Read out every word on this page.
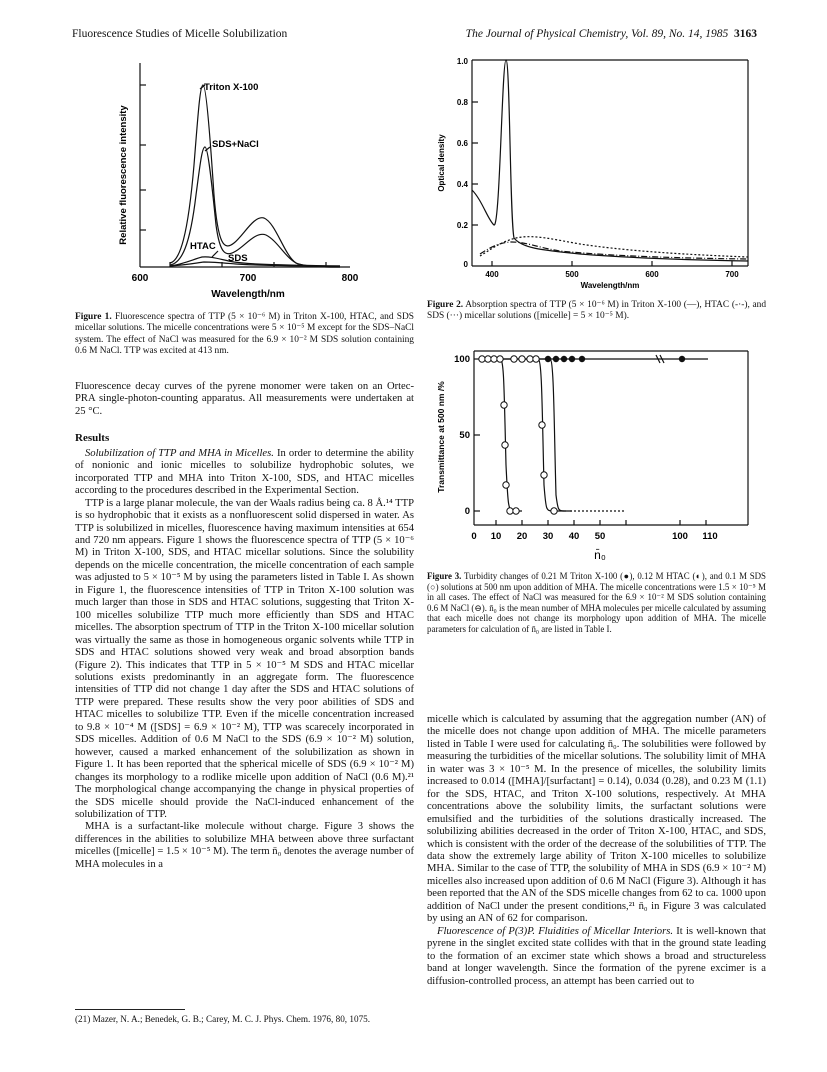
Fluorescence Studies of Micelle Solubilization	The Journal of Physical Chemistry, Vol. 89, No. 14, 1985 3163
Triton X-100
SDS+NaCl
HTAC
SDS
600	700	800
Wavelength/nm
Relative fluorescence intensity
Figure 1. Fluorescence spectra of TTP (5 × 10⁻⁶ M) in Triton X-100, HTAC, and SDS micellar solutions. The micelle concentrations were 5 × 10⁻⁵ M except for the SDS–NaCl system. The effect of NaCl was measured for the 6.9 × 10⁻² M SDS solution containing 0.6 M NaCl. TTP was excited at 413 nm.
0
0.2
0.4
0.6
0.8
1.0
400	500	600	700
Wavelength/nm
Optical density
Figure 2. Absorption spectra of TTP (5 × 10⁻⁶ M) in Triton X-100 (—), HTAC (-·-), and SDS (···) micellar solutions ([micelle] = 5 × 10⁻⁵ M).
100
50
0
0 10 20 30 40 50	100 110
n̄₀
Transmittance at 500 nm /%
Figure 3. Turbidity changes of 0.21 M Triton X-100 (●), 0.12 M HTAC (◐), and 0.1 M SDS (○) solutions at 500 nm upon addition of MHA. The micelle concentrations were 1.5 × 10⁻⁵ M in all cases. The effect of NaCl was measured for the 6.9 × 10⁻² M SDS solution containing 0.6 M NaCl (⊖). n̄₀ is the mean number of MHA molecules per micelle calculated by assuming that each micelle does not change its morphology upon addition of MHA. The micelle parameters for calculation of n̄₀ are listed in Table I.

Fluorescence decay curves of the pyrene monomer were taken on an Ortec-PRA single-photon-counting apparatus. All measurements were undertaken at 25 °C.

Results

Solubilization of TTP and MHA in Micelles. In order to determine the ability of nonionic and ionic micelles to solubilize hydrophobic solutes, we incorporated TTP and MHA into Triton X-100, SDS, and HTAC micelles according to the procedures described in the Experimental Section.

TTP is a large planar molecule, the van der Waals radius being ca. 8 Å.¹⁴ TTP is so hydrophobic that it exists as a nonfluorescent solid dispersed in water. As TTP is solubilized in micelles, fluorescence having maximum intensities at 654 and 720 nm appears. Figure 1 shows the fluorescence spectra of TTP (5 × 10⁻⁶ M) in Triton X-100, SDS, and HTAC micellar solutions. Since the solubility depends on the micelle concentration, the micelle concentration of each sample was adjusted to 5 × 10⁻⁵ M by using the parameters listed in Table I. As shown in Figure 1, the fluorescence intensities of TTP in Triton X-100 solution was much larger than those in SDS and HTAC solutions, suggesting that Triton X-100 micelles solubilize TTP much more efficiently than SDS and HTAC micelles. The absorption spectrum of TTP in the Triton X-100 micellar solution was virtually the same as those in homogeneous organic solvents while TTP in SDS and HTAC solutions showed very weak and broad absorption bands (Figure 2). This indicates that TTP in 5 × 10⁻⁵ M SDS and HTAC micellar solutions exists predominantly in an aggregate form. The fluorescence intensities of TTP did not change 1 day after the SDS and HTAC solutions of TTP were prepared. These results show the very poor abilities of SDS and HTAC micelles to solubilize TTP. Even if the micelle concentration increased to 9.8 × 10⁻⁴ M ([SDS] = 6.9 × 10⁻² M), TTP was scarecely incorporated in SDS micelles. Addition of 0.6 M NaCl to the SDS (6.9 × 10⁻² M) solution, however, caused a marked enhancement of the solubilization as shown in Figure 1. It has been reported that the spherical micelle of SDS (6.9 × 10⁻² M) changes its morphology to a rodlike micelle upon addition of NaCl (0.6 M).²¹ The morphological change accompanying the change in physical properties of the SDS micelle should provide the NaCl-induced enhancement of the solubilization of TTP.

MHA is a surfactant-like molecule without charge. Figure 3 shows the differences in the abilities to solubilize MHA between above three surfactant micelles ([micelle] = 1.5 × 10⁻⁵ M). The term n̄₀ denotes the average number of MHA molecules in a

(21) Mazer, N. A.; Benedek, G. B.; Carey, M. C. J. Phys. Chem. 1976, 80, 1075.

micelle which is calculated by assuming that the aggregation number (AN) of the micelle does not change upon addition of MHA. The micelle parameters listed in Table I were used for calculating n̄₀. The solubilities were followed by measuring the turbidities of the micellar solutions. The solubility limit of MHA in water was 3 × 10⁻⁵ M. In the presence of micelles, the solubility limits increased to 0.014 ([MHA]/[surfactant] = 0.14), 0.034 (0.28), and 0.23 M (1.1) for the SDS, HTAC, and Triton X-100 solutions, respectively. At MHA concentrations above the solubility limits, the surfactant solutions were emulsified and the turbidities of the solutions drastically increased. The solubilizing abilities decreased in the order of Triton X-100, HTAC, and SDS, which is consistent with the order of the decrease of the solubilities of TTP. The data show the extremely large ability of Triton X-100 micelles to solubilize MHA. Similar to the case of TTP, the solubility of MHA in SDS (6.9 × 10⁻² M) micelles also increased upon addition of 0.6 M NaCl (Figure 3). Although it has been reported that the AN of the SDS micelle changes from 62 to ca. 1000 upon addition of NaCl under the present conditions,²¹ n̄₀ in Figure 3 was calculated by using an AN of 62 for comparison.

Fluorescence of P(3)P. Fluidities of Micellar Interiors. It is well-known that pyrene in the singlet excited state collides with that in the ground state leading to the formation of an excimer state which shows a broad and structureless band at longer wavelength. Since the formation of the pyrene excimer is a diffusion-controlled process, an attempt has been carried out to
